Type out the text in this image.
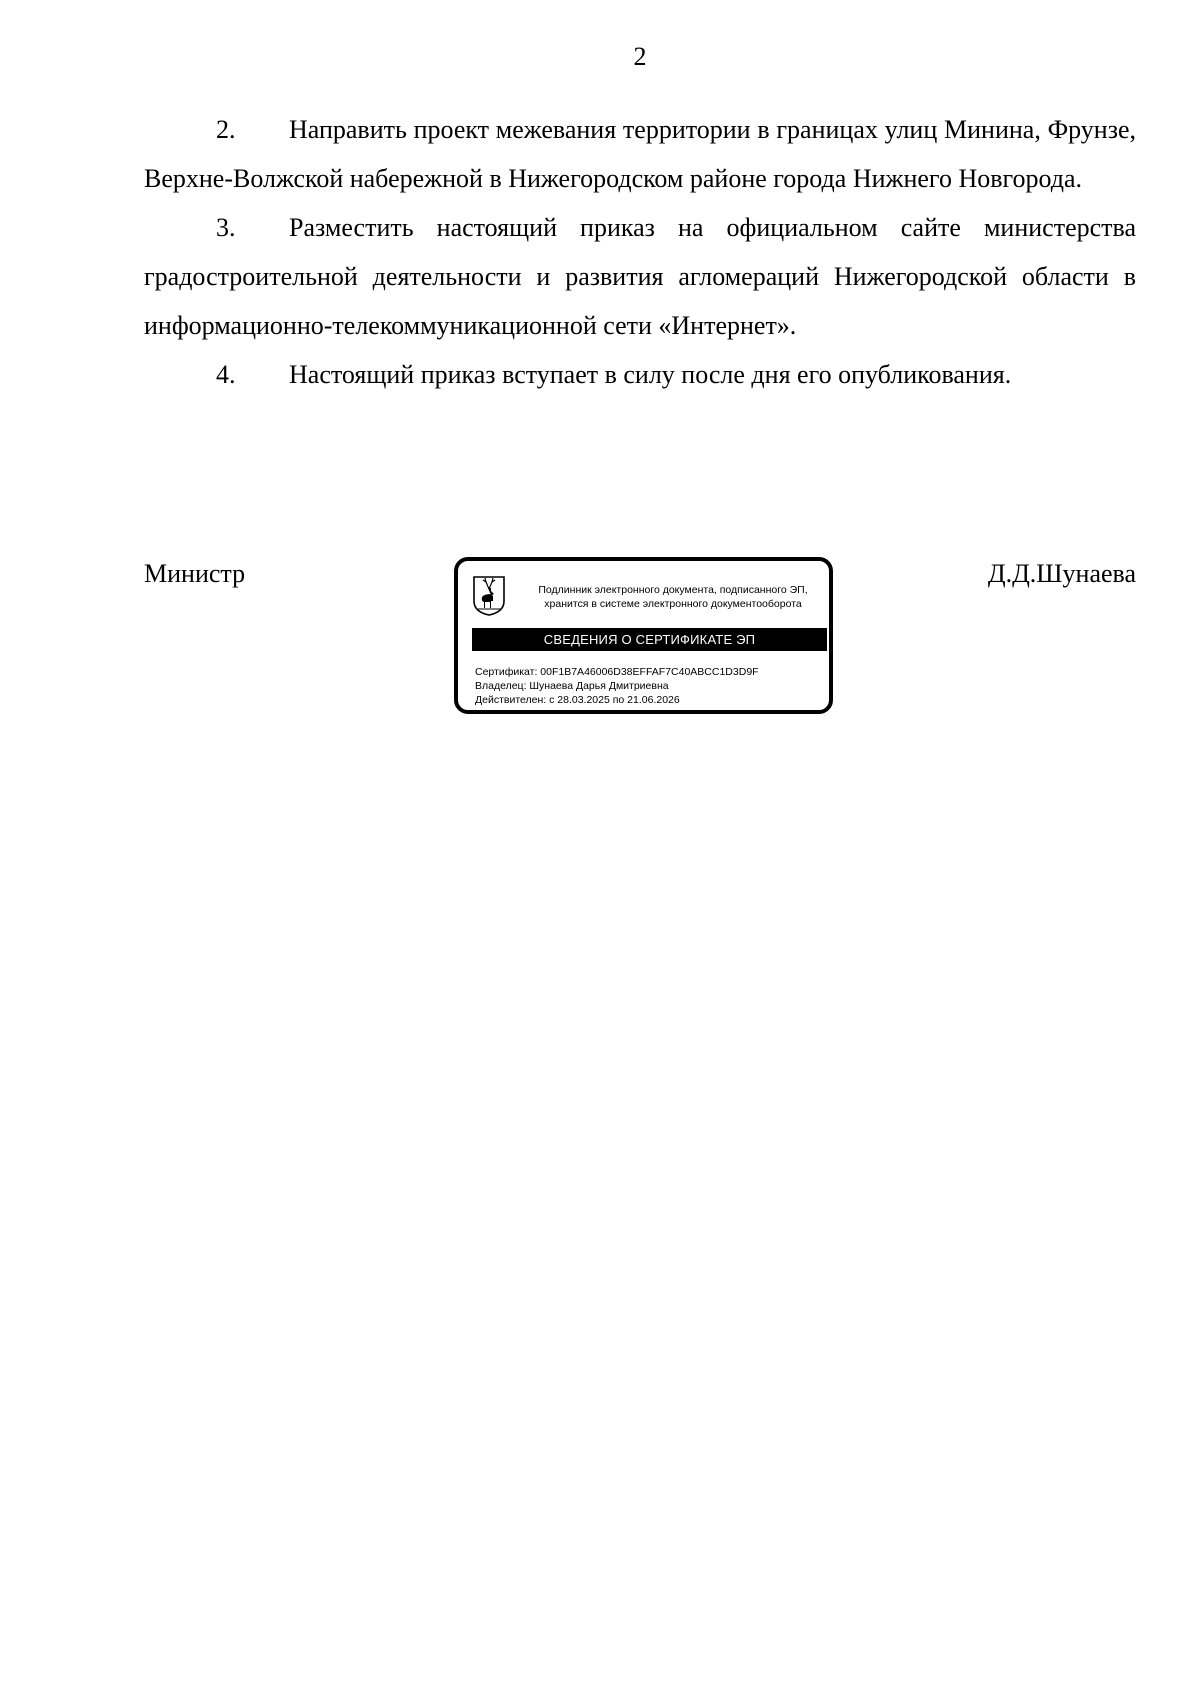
2

2. Направить проект межевания территории в границах улиц Минина, Фрунзе, Верхне-Волжской набережной в Нижегородском районе города Нижнего Новгорода.

3. Разместить настоящий приказ на официальном сайте министерства градостроительной деятельности и развития агломераций Нижегородской области в информационно-телекоммуникационной сети «Интернет».

4. Настоящий приказ вступает в силу после дня его опубликования.

Министр	Д.Д.Шунаева
Подлинник электронного документа, подписанного ЭП,
хранится в системе электронного документооборота
СВЕДЕНИЯ О СЕРТИФИКАТЕ ЭП
Сертификат: 00F1B7A46006D38EFFAF7C40ABCC1D3D9F
Владелец: Шунаева Дарья Дмитриевна
Действителен: с 28.03.2025 по 21.06.2026
